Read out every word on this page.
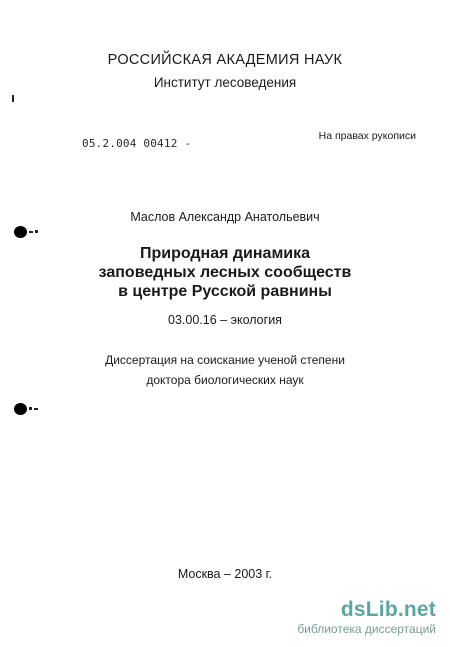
РОССИЙСКАЯ АКАДЕМИЯ НАУК
Институт лесоведения
05.2.004 00412 -
На правах рукописи
Маслов Александр Анатольевич
Природная динамика
заповедных лесных сообществ
в центре Русской равнины
03.00.16 – экология
Диссертация на соискание ученой степени
доктора биологических наук
Москва – 2003 г.
dsLib.net
библиотека диссертаций
